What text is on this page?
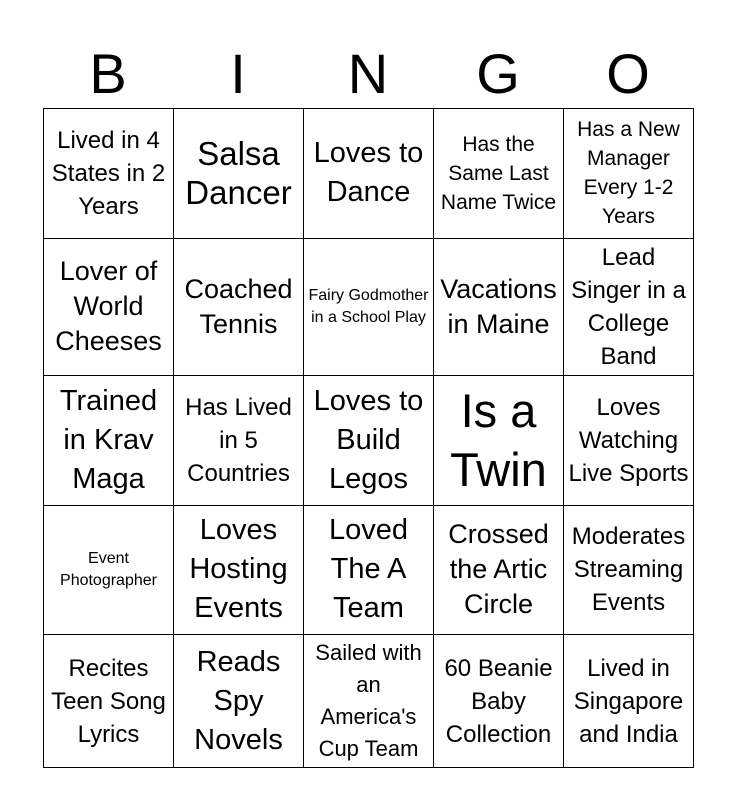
B	I	N	G	O
Lived in 4 States in 2 Years	Salsa Dancer	Loves to Dance	Has the Same Last Name Twice	Has a New Manager Every 1-2 Years
Lover of World Cheeses	Coached Tennis	Fairy Godmother in a School Play	Vacations in Maine	Lead Singer in a College Band
Trained in Krav Maga	Has Lived in 5 Countries	Loves to Build Legos	Is a Twin	Loves Watching Live Sports
Event Photographer	Loves Hosting Events	Loved The A Team	Crossed the Artic Circle	Moderates Streaming Events
Recites Teen Song Lyrics	Reads Spy Novels	Sailed with an America's Cup Team	60 Beanie Baby Collection	Lived in Singapore and India
